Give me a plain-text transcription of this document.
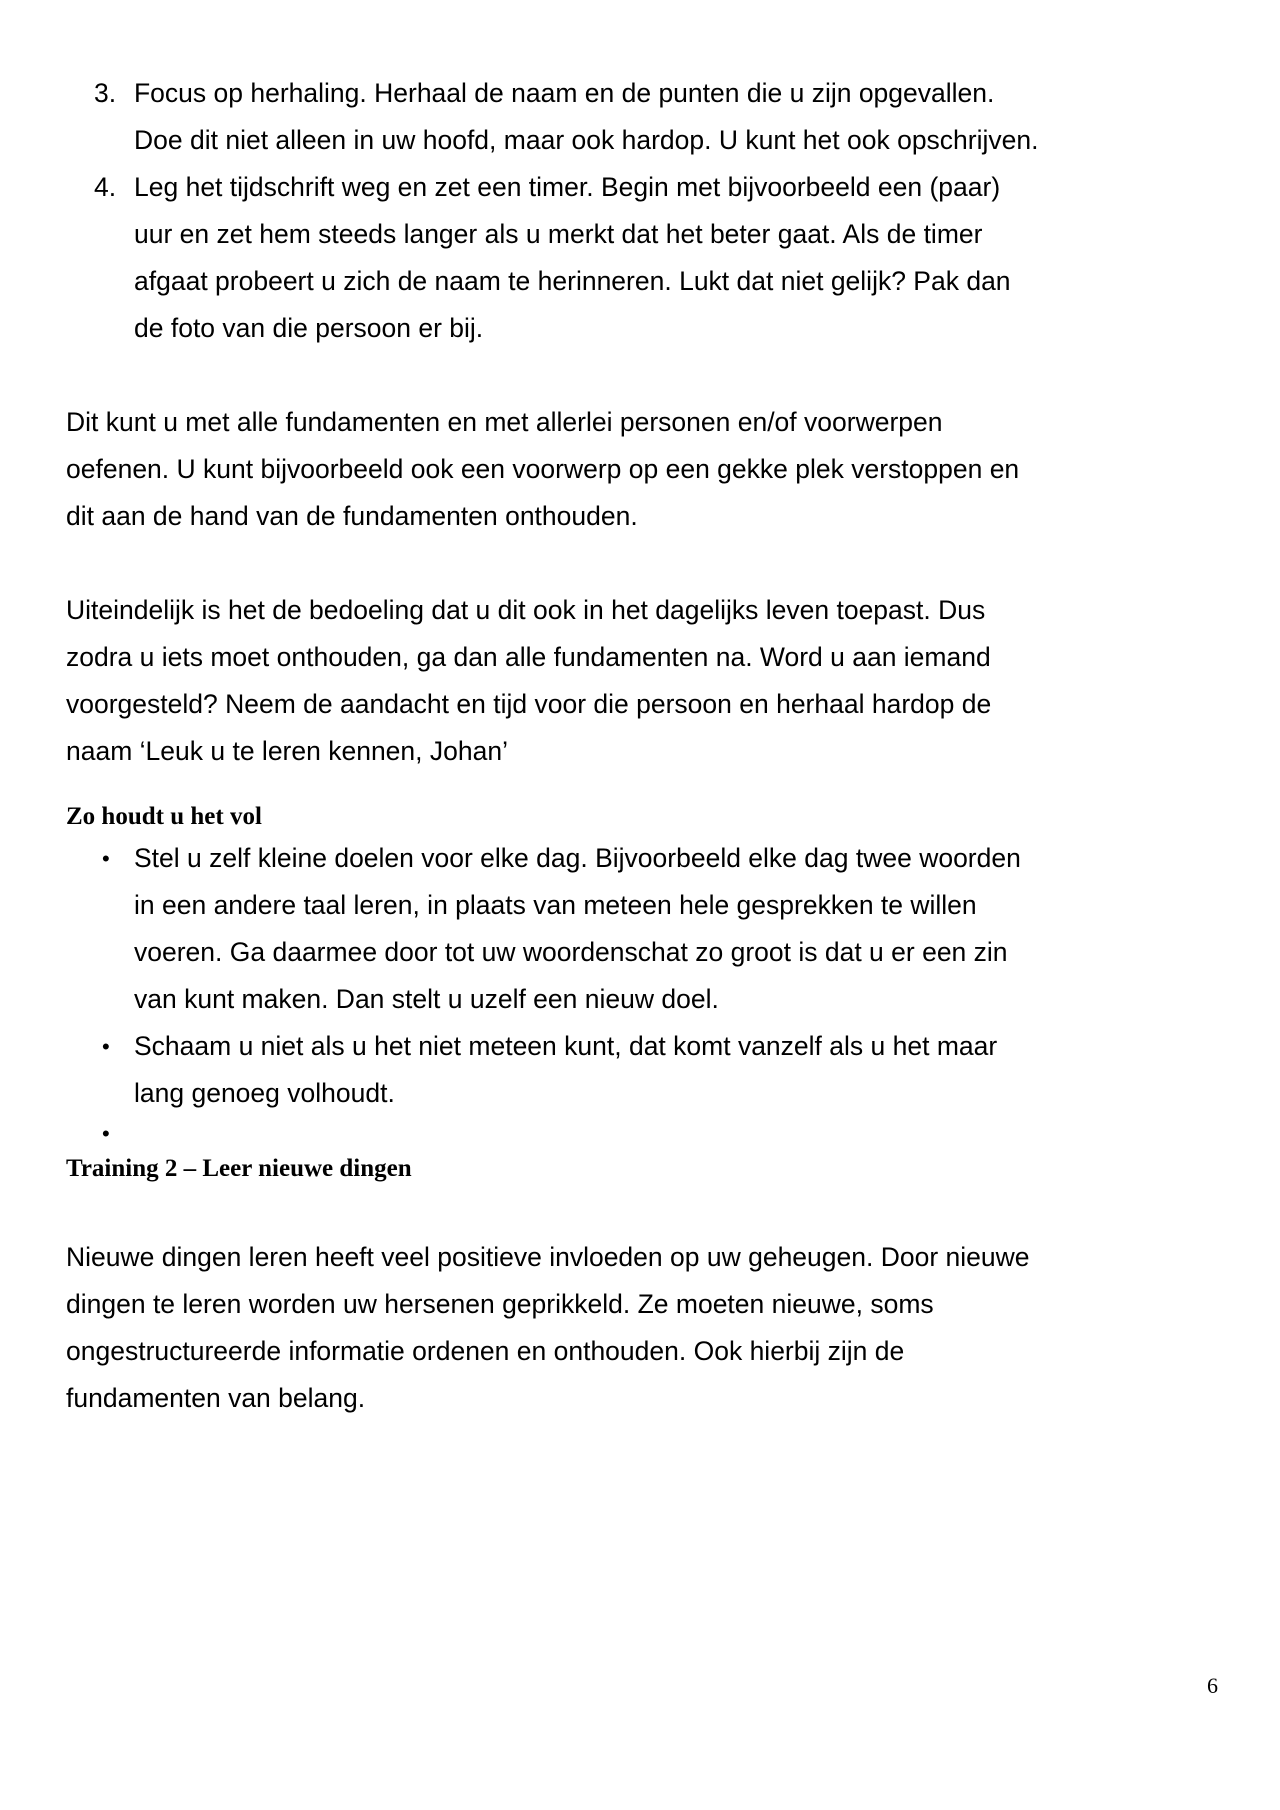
3. Focus op herhaling. Herhaal de naam en de punten die u zijn opgevallen. Doe dit niet alleen in uw hoofd, maar ook hardop. U kunt het ook opschrijven.
4. Leg het tijdschrift weg en zet een timer. Begin met bijvoorbeeld een (paar) uur en zet hem steeds langer als u merkt dat het beter gaat. Als de timer afgaat probeert u zich de naam te herinneren. Lukt dat niet gelijk? Pak dan de foto van die persoon er bij.

Dit kunt u met alle fundamenten en met allerlei personen en/of voorwerpen oefenen. U kunt bijvoorbeeld ook een voorwerp op een gekke plek verstoppen en dit aan de hand van de fundamenten onthouden.

Uiteindelijk is het de bedoeling dat u dit ook in het dagelijks leven toepast. Dus zodra u iets moet onthouden, ga dan alle fundamenten na. Word u aan iemand voorgesteld? Neem de aandacht en tijd voor die persoon en herhaal hardop de naam ‘Leuk u te leren kennen, Johan’

Zo houdt u het vol
• Stel u zelf kleine doelen voor elke dag. Bijvoorbeeld elke dag twee woorden in een andere taal leren, in plaats van meteen hele gesprekken te willen voeren. Ga daarmee door tot uw woordenschat zo groot is dat u er een zin van kunt maken. Dan stelt u uzelf een nieuw doel.
• Schaam u niet als u het niet meteen kunt, dat komt vanzelf als u het maar lang genoeg volhoudt.
•
Training 2 – Leer nieuwe dingen

Nieuwe dingen leren heeft veel positieve invloeden op uw geheugen. Door nieuwe dingen te leren worden uw hersenen geprikkeld. Ze moeten nieuwe, soms ongestructureerde informatie ordenen en onthouden. Ook hierbij zijn de fundamenten van belang.

6
